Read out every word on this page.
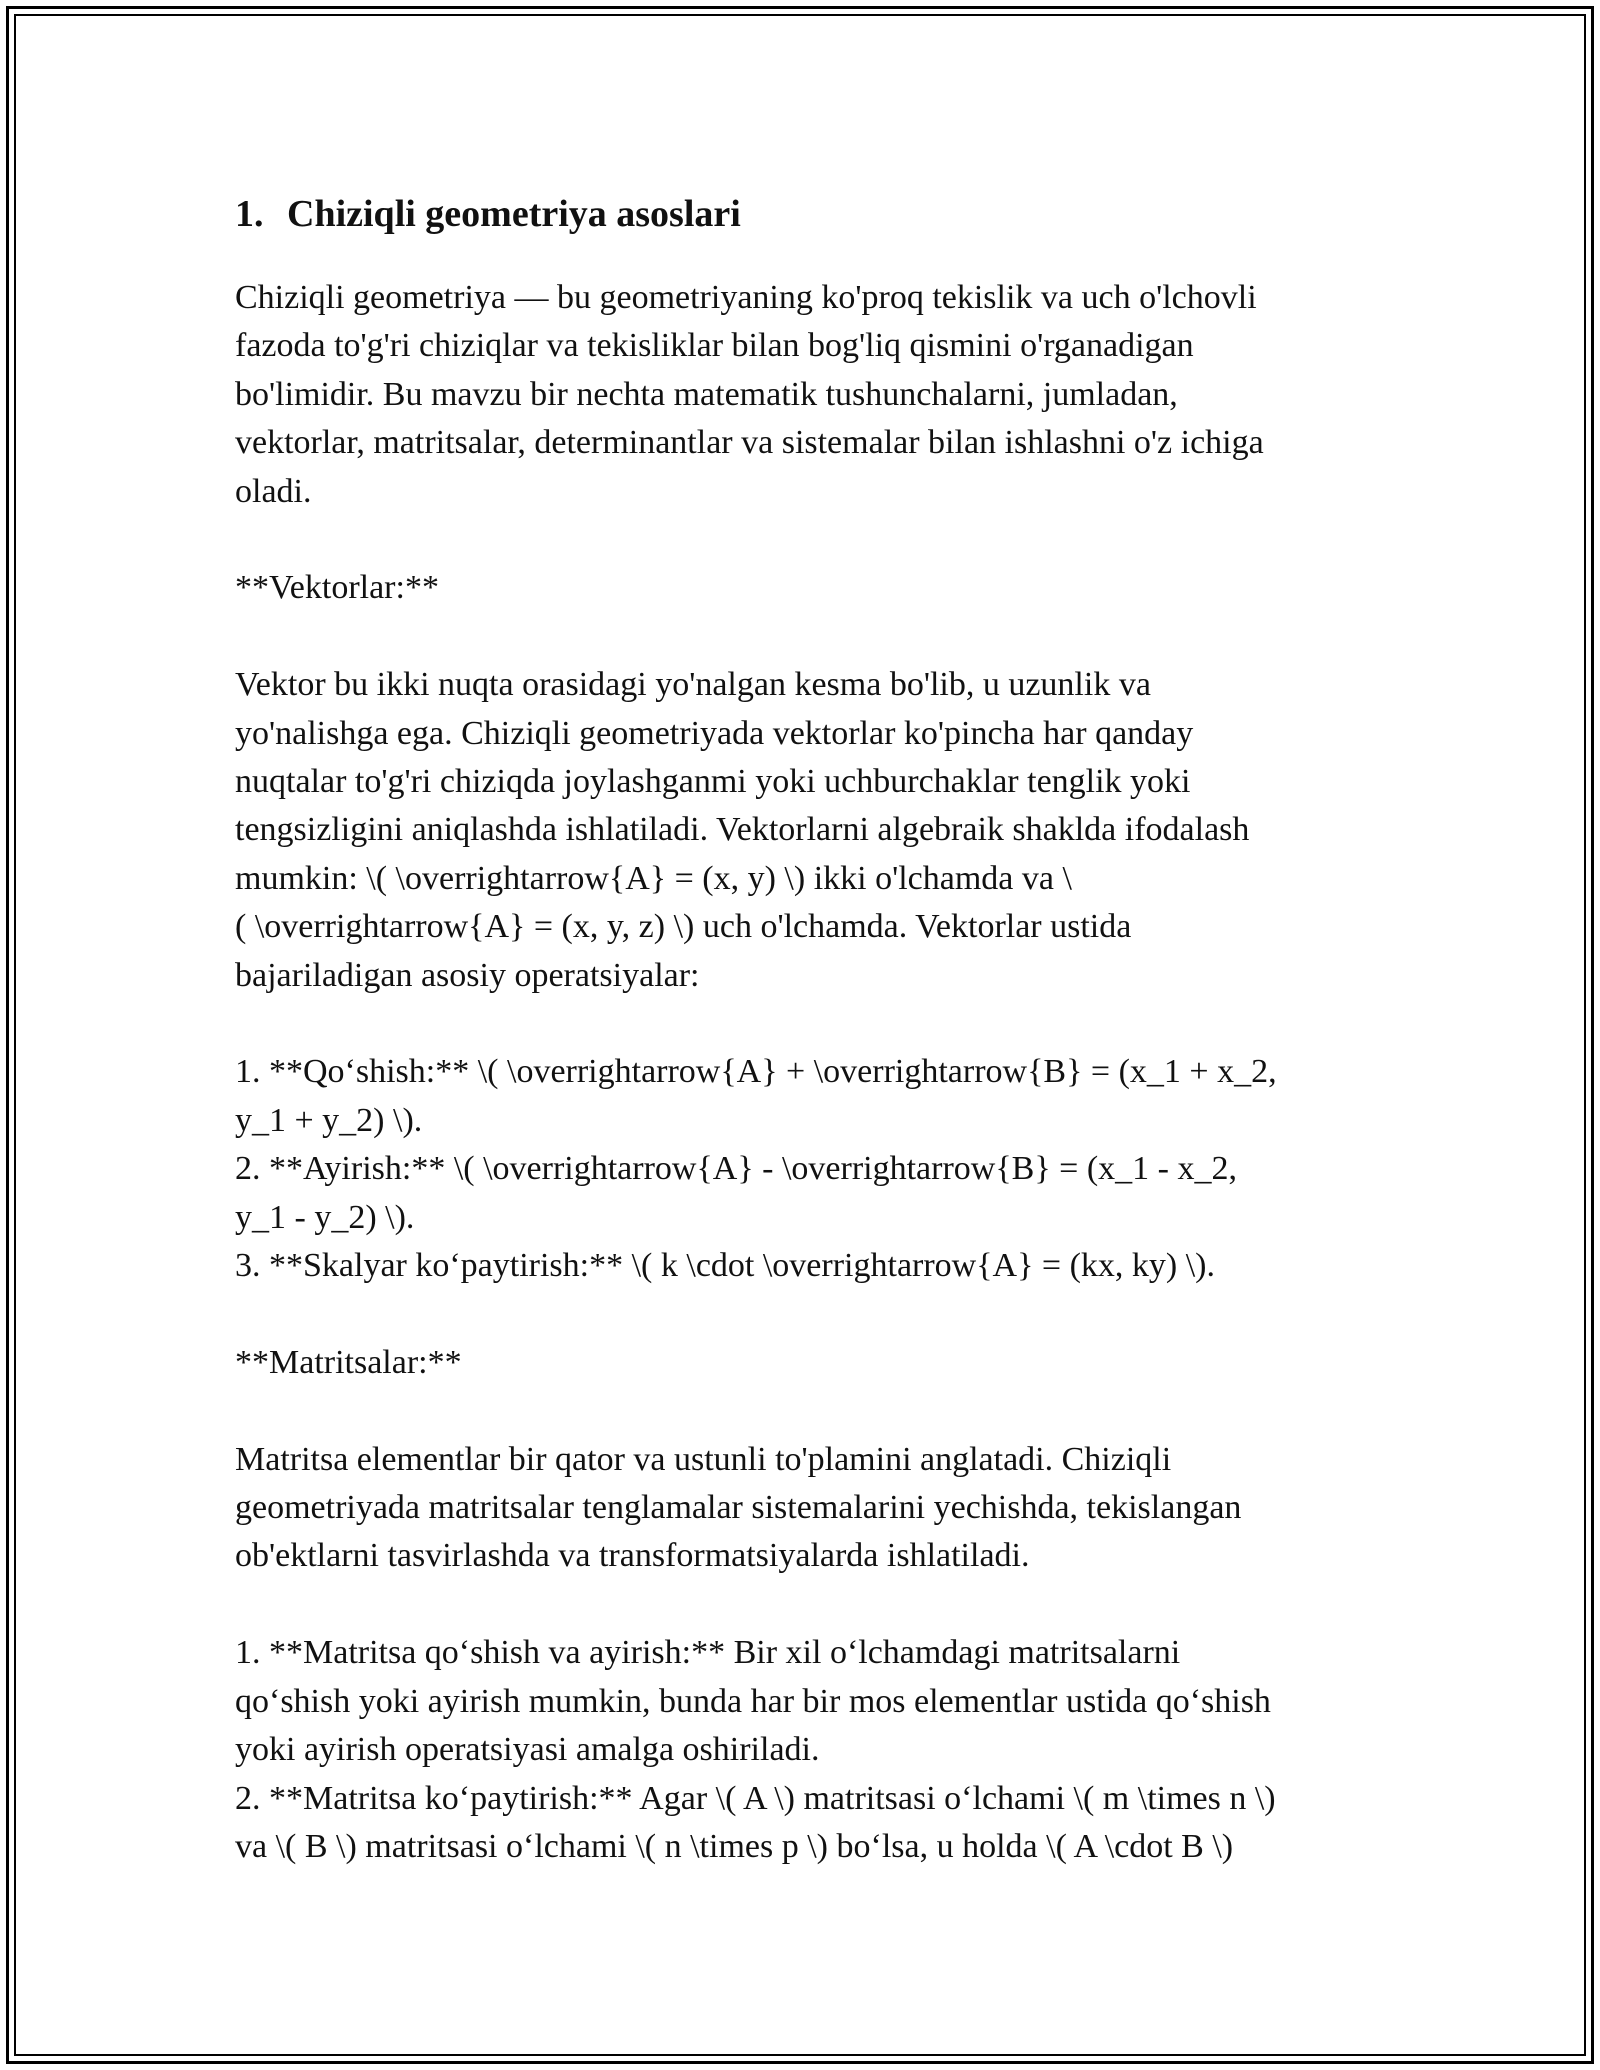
1. Chiziqli geometriya asoslari

Chiziqli geometriya — bu geometriyaning ko'proq tekislik va uch o'lchovli
fazoda to'g'ri chiziqlar va tekisliklar bilan bog'liq qismini o'rganadigan
bo'limidir. Bu mavzu bir nechta matematik tushunchalarni, jumladan,
vektorlar, matritsalar, determinantlar va sistemalar bilan ishlashni o'z ichiga
oladi.

**Vektorlar:**

Vektor bu ikki nuqta orasidagi yo'nalgan kesma bo'lib, u uzunlik va
yo'nalishga ega. Chiziqli geometriyada vektorlar ko'pincha har qanday
nuqtalar to'g'ri chiziqda joylashganmi yoki uchburchaklar tenglik yoki
tengsizligini aniqlashda ishlatiladi. Vektorlarni algebraik shaklda ifodalash
mumkin: \( \overrightarrow{A} = (x, y) \) ikki o'lchamda va \
( \overrightarrow{A} = (x, y, z) \) uch o'lchamda. Vektorlar ustida
bajariladigan asosiy operatsiyalar:

1. **Qo‘shish:** \( \overrightarrow{A} + \overrightarrow{B} = (x_1 + x_2,
y_1 + y_2) \).
2. **Ayirish:** \( \overrightarrow{A} - \overrightarrow{B} = (x_1 - x_2,
y_1 - y_2) \).
3. **Skalyar ko‘paytirish:** \( k \cdot \overrightarrow{A} = (kx, ky) \).

**Matritsalar:**

Matritsa elementlar bir qator va ustunli to'plamini anglatadi. Chiziqli
geometriyada matritsalar tenglamalar sistemalarini yechishda, tekislangan
ob'ektlarni tasvirlashda va transformatsiyalarda ishlatiladi.

1. **Matritsa qo‘shish va ayirish:** Bir xil o‘lchamdagi matritsalarni
qo‘shish yoki ayirish mumkin, bunda har bir mos elementlar ustida qo‘shish
yoki ayirish operatsiyasi amalga oshiriladi.
2. **Matritsa ko‘paytirish:** Agar \( A \) matritsasi o‘lchami \( m \times n \)
va \( B \) matritsasi o‘lchami \( n \times p \) bo‘lsa, u holda \( A \cdot B \)
